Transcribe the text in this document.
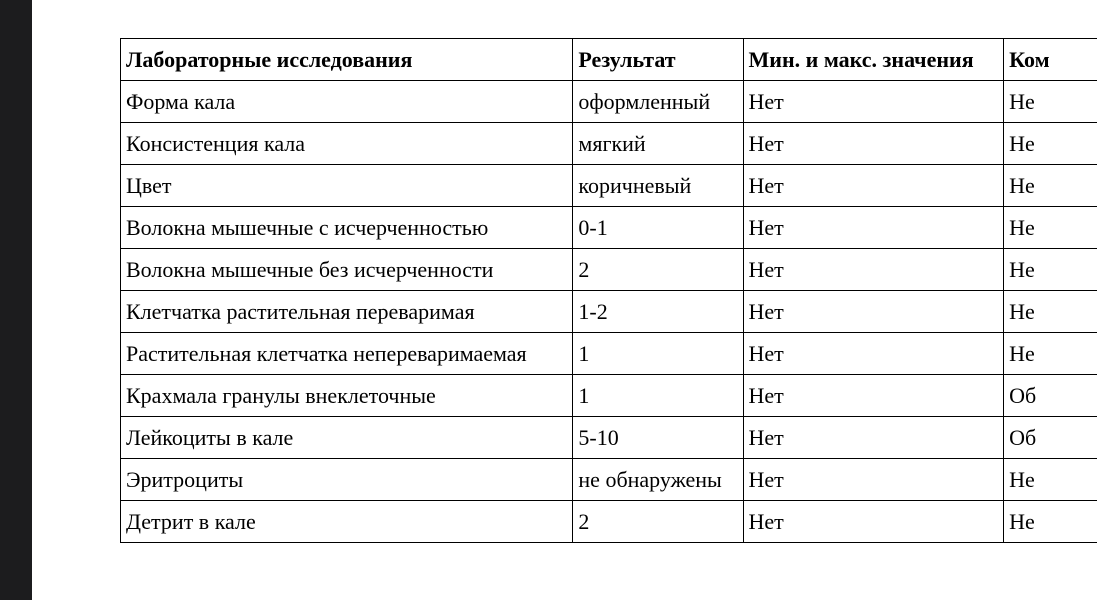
Лабораторные исследования	Результат	Мин. и макс. значения	Ком
Форма кала	оформленный	Нет	Не
Консистенция кала	мягкий	Нет	Не
Цвет	коричневый	Нет	Не
Волокна мышечные с исчерченностью	0-1	Нет	Не
Волокна мышечные без исчерченности	2	Нет	Не
Клетчатка растительная переваримая	1-2	Нет	Не
Растительная клетчатка непереваримаемая	1	Нет	Не
Крахмала гранулы внеклеточные	1	Нет	Об
Лейкоциты в кале	5-10	Нет	Об
Эритроциты	не обнаружены	Нет	Не
Детрит в кале	2	Нет	Не
